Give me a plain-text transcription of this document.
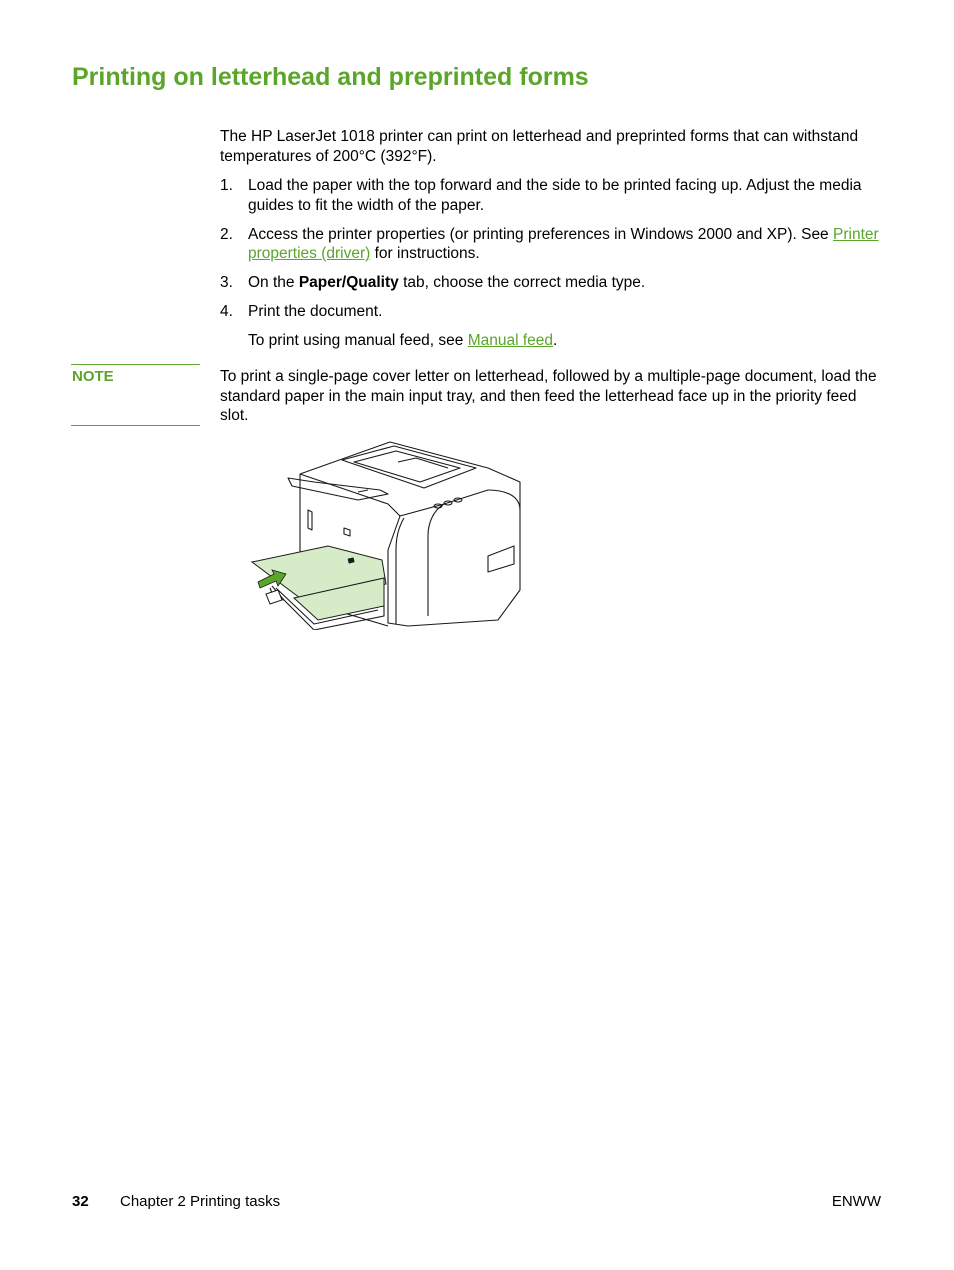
Printing on letterhead and preprinted forms
The HP LaserJet 1018 printer can print on letterhead and preprinted forms that can withstand temperatures of 200°C (392°F).
1. Load the paper with the top forward and the side to be printed facing up. Adjust the media guides to fit the width of the paper.
2. Access the printer properties (or printing preferences in Windows 2000 and XP). See Printer properties (driver) for instructions.
3. On the Paper/Quality tab, choose the correct media type.
4. Print the document.
To print using manual feed, see Manual feed.
NOTE	To print a single-page cover letter on letterhead, followed by a multiple-page document, load the standard paper in the main input tray, and then feed the letterhead face up in the priority feed slot.
32 Chapter 2 Printing tasks	ENWW
